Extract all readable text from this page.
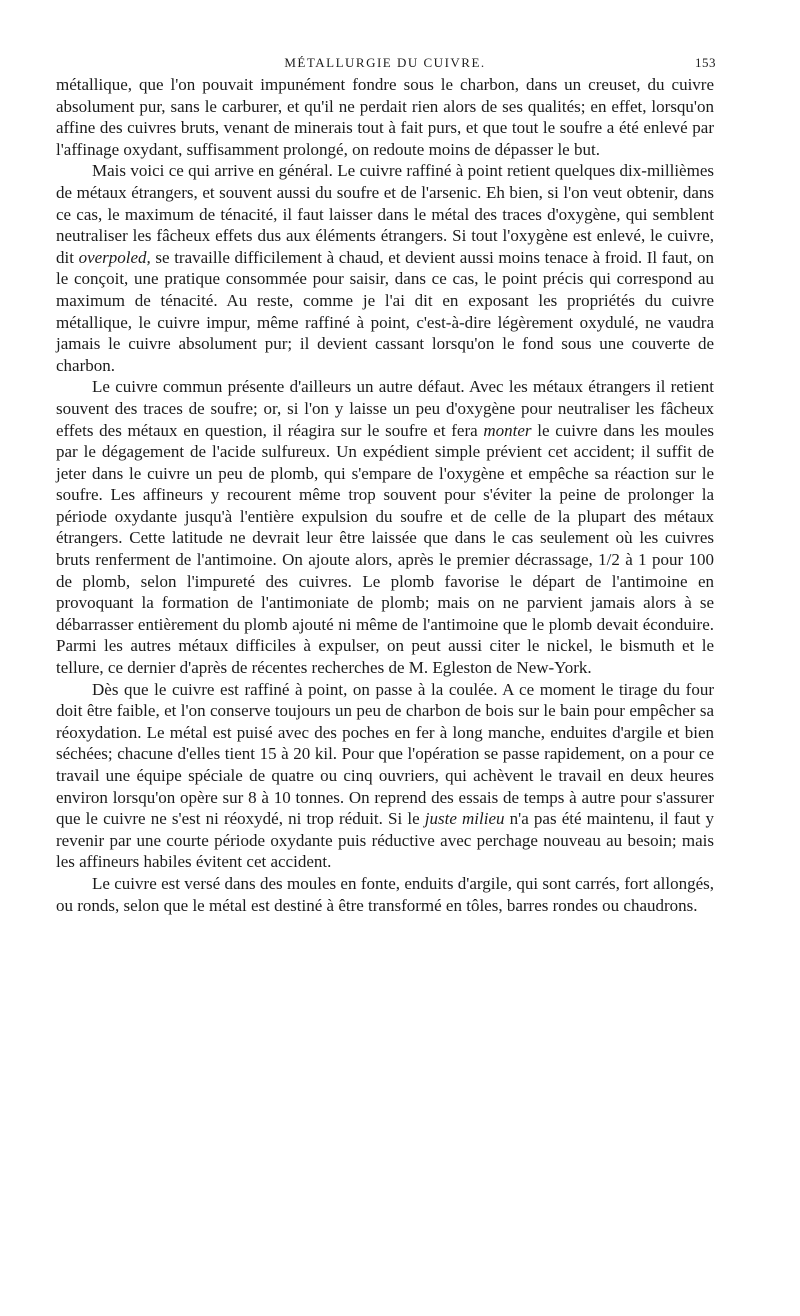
MÉTALLURGIE DU CUIVRE.	153

métallique, que l'on pouvait impunément fondre sous le charbon, dans un creuset, du cuivre absolument pur, sans le carburer, et qu'il ne perdait rien alors de ses qualités; en effet, lorsqu'on affine des cuivres bruts, venant de minerais tout à fait purs, et que tout le soufre a été enlevé par l'affinage oxydant, suffisamment prolongé, on redoute moins de dépasser le but.

Mais voici ce qui arrive en général. Le cuivre raffiné à point retient quelques dix-millièmes de métaux étrangers, et souvent aussi du soufre et de l'arsenic. Eh bien, si l'on veut obtenir, dans ce cas, le maximum de ténacité, il faut laisser dans le métal des traces d'oxygène, qui semblent neutraliser les fâcheux effets dus aux éléments étrangers. Si tout l'oxygène est enlevé, le cuivre, dit overpoled, se travaille difficilement à chaud, et devient aussi moins tenace à froid. Il faut, on le conçoit, une pratique consommée pour saisir, dans ce cas, le point précis qui correspond au maximum de ténacité. Au reste, comme je l'ai dit en exposant les propriétés du cuivre métallique, le cuivre impur, même raffiné à point, c'est-à-dire légèrement oxydulé, ne vaudra jamais le cuivre absolument pur; il devient cassant lorsqu'on le fond sous une couverte de charbon.

Le cuivre commun présente d'ailleurs un autre défaut. Avec les métaux étrangers il retient souvent des traces de soufre; or, si l'on y laisse un peu d'oxygène pour neutraliser les fâcheux effets des métaux en question, il réagira sur le soufre et fera monter le cuivre dans les moules par le dégagement de l'acide sulfureux. Un expédient simple prévient cet accident; il suffit de jeter dans le cuivre un peu de plomb, qui s'empare de l'oxygène et empêche sa réaction sur le soufre. Les affineurs y recourent même trop souvent pour s'éviter la peine de prolonger la période oxydante jusqu'à l'entière expulsion du soufre et de celle de la plupart des métaux étrangers. Cette latitude ne devrait leur être laissée que dans le cas seulement où les cuivres bruts renferment de l'antimoine. On ajoute alors, après le premier décrassage, 1/2 à 1 pour 100 de plomb, selon l'impureté des cuivres. Le plomb favorise le départ de l'antimoine en provoquant la formation de l'antimoniate de plomb; mais on ne parvient jamais alors à se débarrasser entièrement du plomb ajouté ni même de l'antimoine que le plomb devait éconduire. Parmi les autres métaux difficiles à expulser, on peut aussi citer le nickel, le bismuth et le tellure, ce dernier d'après de récentes recherches de M. Egleston de New-York.

Dès que le cuivre est raffiné à point, on passe à la coulée. A ce moment le tirage du four doit être faible, et l'on conserve toujours un peu de charbon de bois sur le bain pour empêcher sa réoxydation. Le métal est puisé avec des poches en fer à long manche, enduites d'argile et bien séchées; chacune d'elles tient 15 à 20 kil. Pour que l'opération se passe rapidement, on a pour ce travail une équipe spéciale de quatre ou cinq ouvriers, qui achèvent le travail en deux heures environ lorsqu'on opère sur 8 à 10 tonnes. On reprend des essais de temps à autre pour s'assurer que le cuivre ne s'est ni réoxydé, ni trop réduit. Si le juste milieu n'a pas été maintenu, il faut y revenir par une courte période oxydante puis réductive avec perchage nouveau au besoin; mais les affineurs habiles évitent cet accident.

Le cuivre est versé dans des moules en fonte, enduits d'argile, qui sont carrés, fort allongés, ou ronds, selon que le métal est destiné à être transformé en tôles, barres rondes ou chaudrons.
